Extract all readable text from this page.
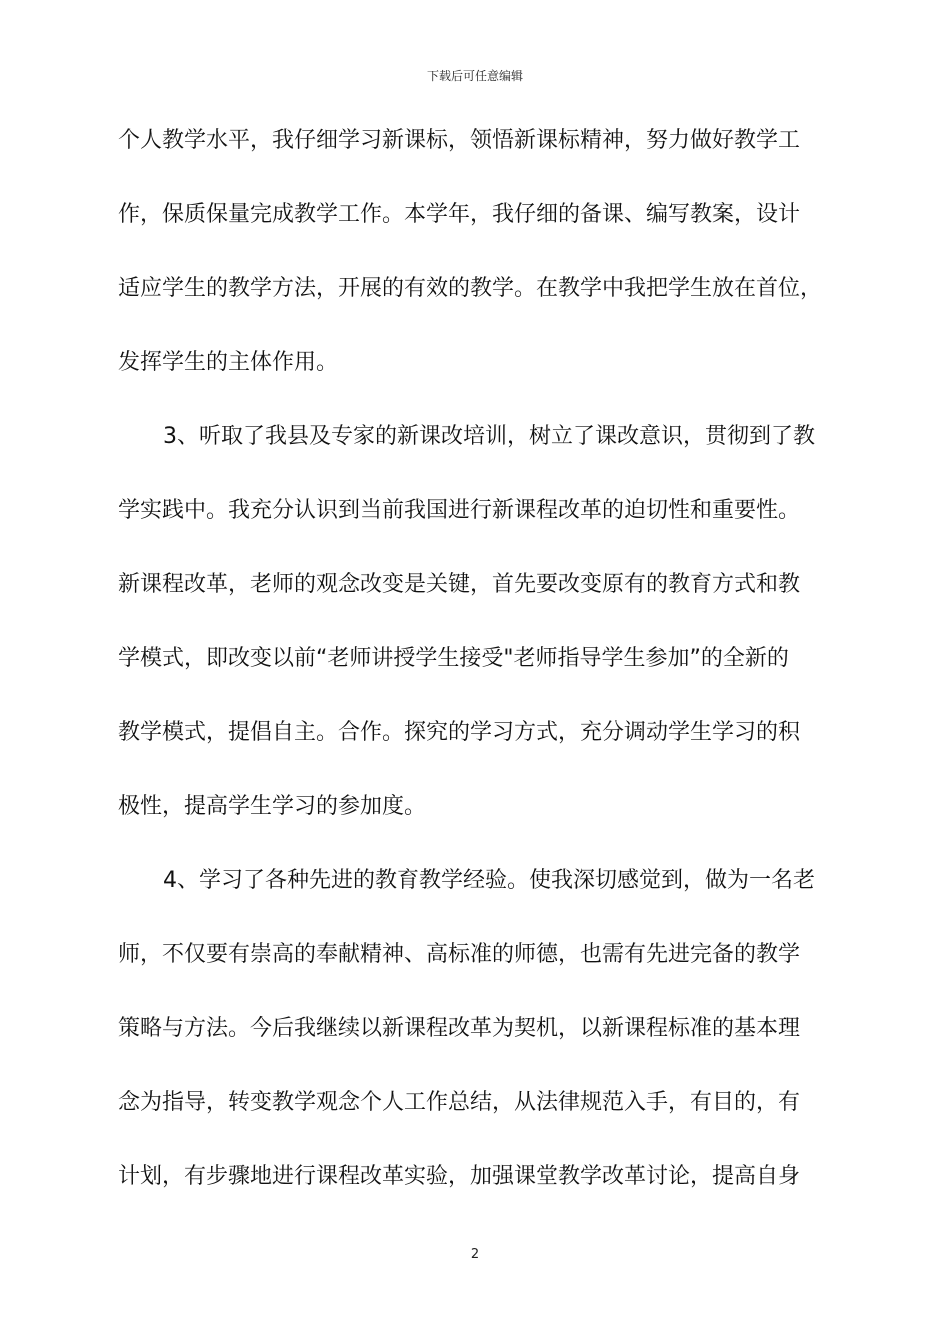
下载后可任意编辑
个人教学水平，我仔细学习新课标，领悟新课标精神，努力做好教学工
作，保质保量完成教学工作。本学年，我仔细的备课、编写教案，设计
适应学生的教学方法，开展的有效的教学。在教学中我把学生放在首位，
发挥学生的主体作用。
3、听取了我县及专家的新课改培训，树立了课改意识，贯彻到了教
学实践中。我充分认识到当前我国进行新课程改革的迫切性和重要性。
新课程改革，老师的观念改变是关键，首先要改变原有的教育方式和教
学模式，即改变以前“老师讲授学生接受"老师指导学生参加”的全新的
教学模式，提倡自主。合作。探究的学习方式，充分调动学生学习的积
极性，提高学生学习的参加度。
4、学习了各种先进的教育教学经验。使我深切感觉到，做为一名老
师，不仅要有崇高的奉献精神、高标准的师德，也需有先进完备的教学
策略与方法。今后我继续以新课程改革为契机，以新课程标准的基本理
念为指导，转变教学观念个人工作总结，从法律规范入手，有目的，有
计划，有步骤地进行课程改革实验，加强课堂教学改革讨论，提高自身
2
